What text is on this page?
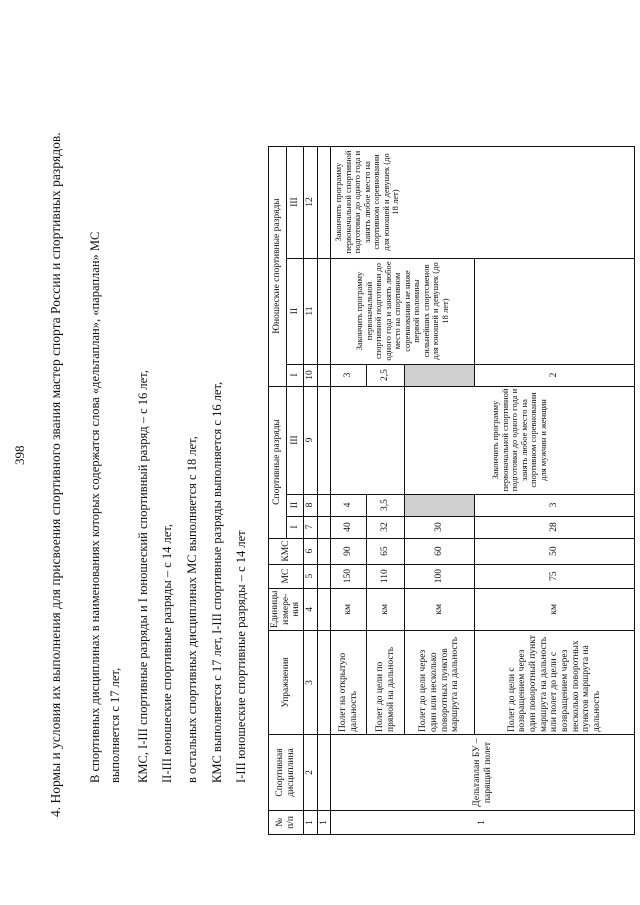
398 4. Нормы и условия их выполнения для присвоения спортивного звания мастер спорта России и спортивных разрядов. В спортивных дисциплинах в наименованиях которых содержатся слова «дельтаплан», «параплан» МС выполняется с 17 лет, КМС, I-III спортивные разряды и I юношеский спортивный разряд – с 16 лет, II-III юношеские спортивные разряды – с 14 лет, в остальных спортивных дисциплинах МС выполняется с 18 лет, КМС выполняется с 17 лет, I-III спортивные разряды выполняется с 16 лет, I-III юношеские спортивные разряды – с 14 лет
№ п/п	Спортивная дисциплина	Упражнения	Единицы измере-ния	МС	КМС	Спортивные разряды			Юношеские спортивные разряды		
						I	II	III	I	II	III
1	2	3	4	5	6	7	8	9	10	11	12
1											
1	Дельтаплан БУ – парящий полет	Полет на открытую дальность	км	150	90	40	4		3	Закончить программу первоначальной спортивной подготовки до одного года и занять любое место на спортивном соревновании не ниже первой половины сильнейших спортсменов для юношей и девушек (до 18 лет)	Закончить программу первоначальной спортивной подготовки до одного года и занять любое место на спортивном соревновании для юношей и девушек (до 18 лет)
		Полет до цели по прямой на дальность	км	110	65	32	3,5		2,5		
		Полет до цели через один или несколько поворотных пунктов маршрута на дальность	км	100	60	30		Закончить программу первоначальной спортивной подготовки до одного года и занять любое место на спортивном соревновании для мужчин и женщин			
		Полет до цели с возвращением через один поворотный пункт маршрута на дальность или полет до цели с возвращением через несколько поворотных пунктов маршрута на дальность	км	75	50	28	3		2		
